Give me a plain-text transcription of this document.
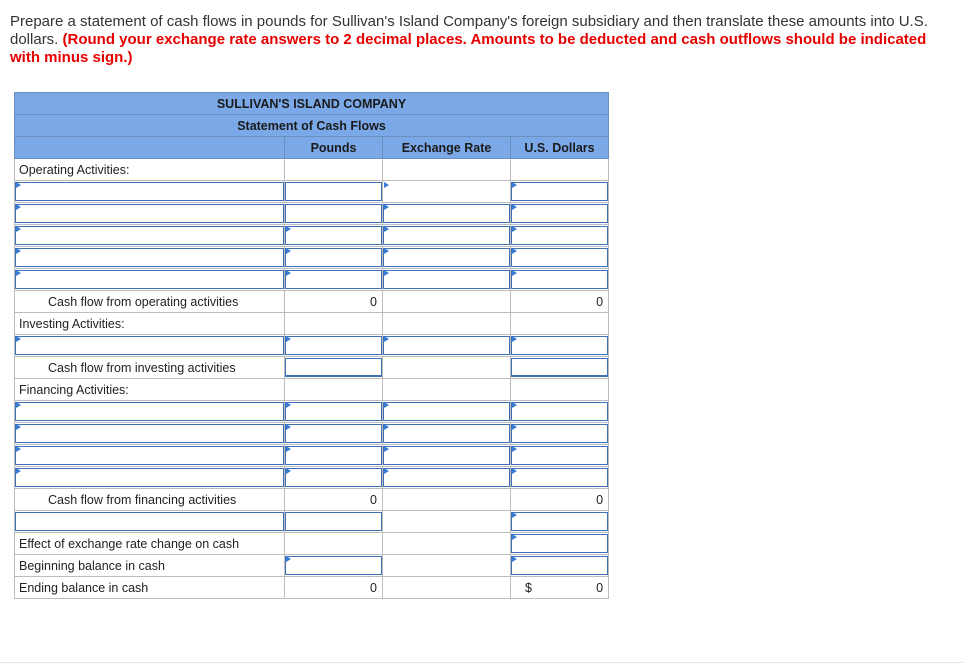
Prepare a statement of cash flows in pounds for Sullivan's Island Company's foreign subsidiary and then translate these amounts into U.S. dollars. (Round your exchange rate answers to 2 decimal places. Amounts to be deducted and cash outflows should be indicated with minus sign.)
SULLIVAN'S ISLAND COMPANY			
Statement of Cash Flows			
	Pounds	Exchange Rate	U.S. Dollars
Operating Activities:			

Cash flow from operating activities	0		0
Investing Activities:			

Cash flow from investing activities	

Financing Activities:			

Cash flow from financing activities	0		0

Effect of exchange rate change on cash			

Beginning balance in cash	

Ending balance in cash	0		$ 0
